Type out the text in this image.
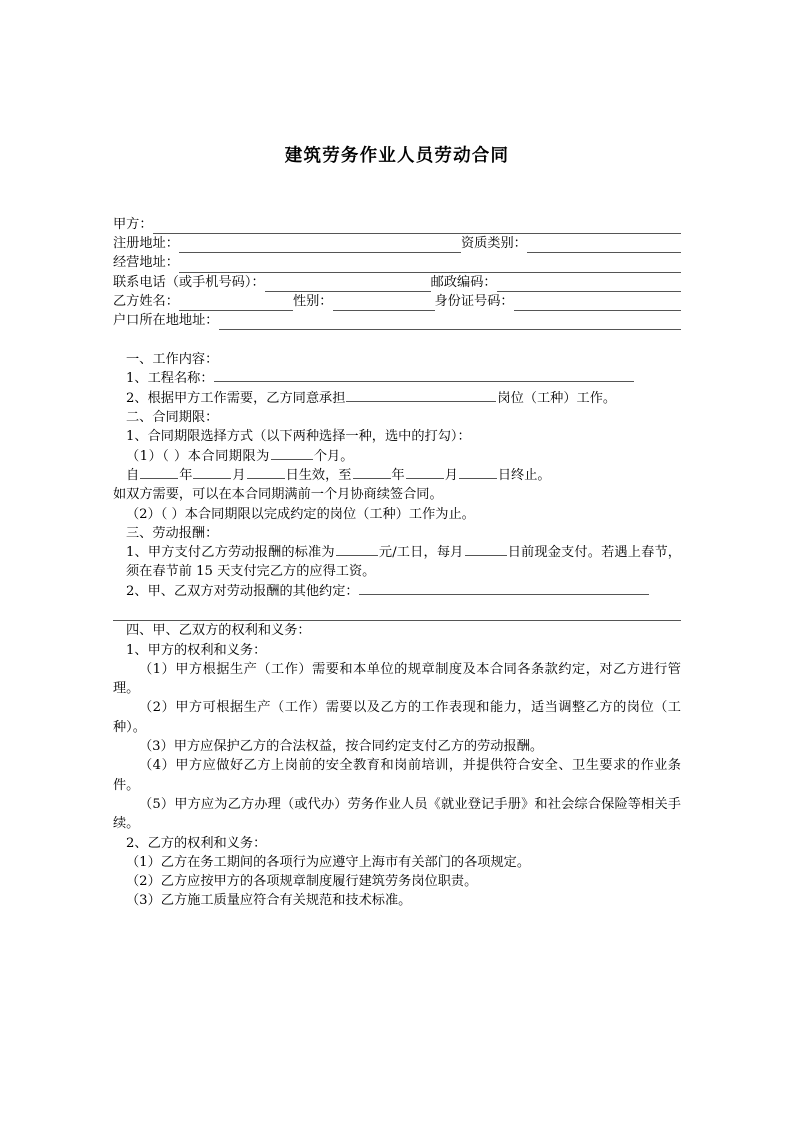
建筑劳务作业人员劳动合同
甲方：
注册地址：	资质类别：
经营地址：
联系电话（或手机号码）：	邮政编码：
乙方姓名：	性别：	身份证号码：
户口所在地地址：

一、工作内容：

1、工程名称：

2、根据甲方工作需要，乙方同意承担	岗位（工种）工作。

二、合同期限：

1、合同期限选择方式（以下两种选择一种，选中的打勾）：

（1）（ ）本合同期限为	个月。

自	年	月	日生效，至	年	月	日终止。

如双方需要，可以在本合同期满前一个月协商续签合同。

（2）（ ）本合同期限以完成约定的岗位（工种）工作为止。

三、劳动报酬：

1、甲方支付乙方劳动报酬的标准为	元/工日，每月	日前现金支付。若遇上春节，须在春节前 15 天支付完乙方的应得工资。

2、甲、乙双方对劳动报酬的其他约定：

四、甲、乙双方的权利和义务：

1、甲方的权利和义务：

（1）甲方根据生产（工作）需要和本单位的规章制度及本合同各条款约定，对乙方进行管理。

（2）甲方可根据生产（工作）需要以及乙方的工作表现和能力，适当调整乙方的岗位（工种）。

（3）甲方应保护乙方的合法权益，按合同约定支付乙方的劳动报酬。

（4）甲方应做好乙方上岗前的安全教育和岗前培训，并提供符合安全、卫生要求的作业条件。

（5）甲方应为乙方办理（或代办）劳务作业人员《就业登记手册》和社会综合保险等相关手续。

2、乙方的权利和义务：

（1）乙方在务工期间的各项行为应遵守上海市有关部门的各项规定。

（2）乙方应按甲方的各项规章制度履行建筑劳务岗位职责。

（3）乙方施工质量应符合有关规范和技术标准。
